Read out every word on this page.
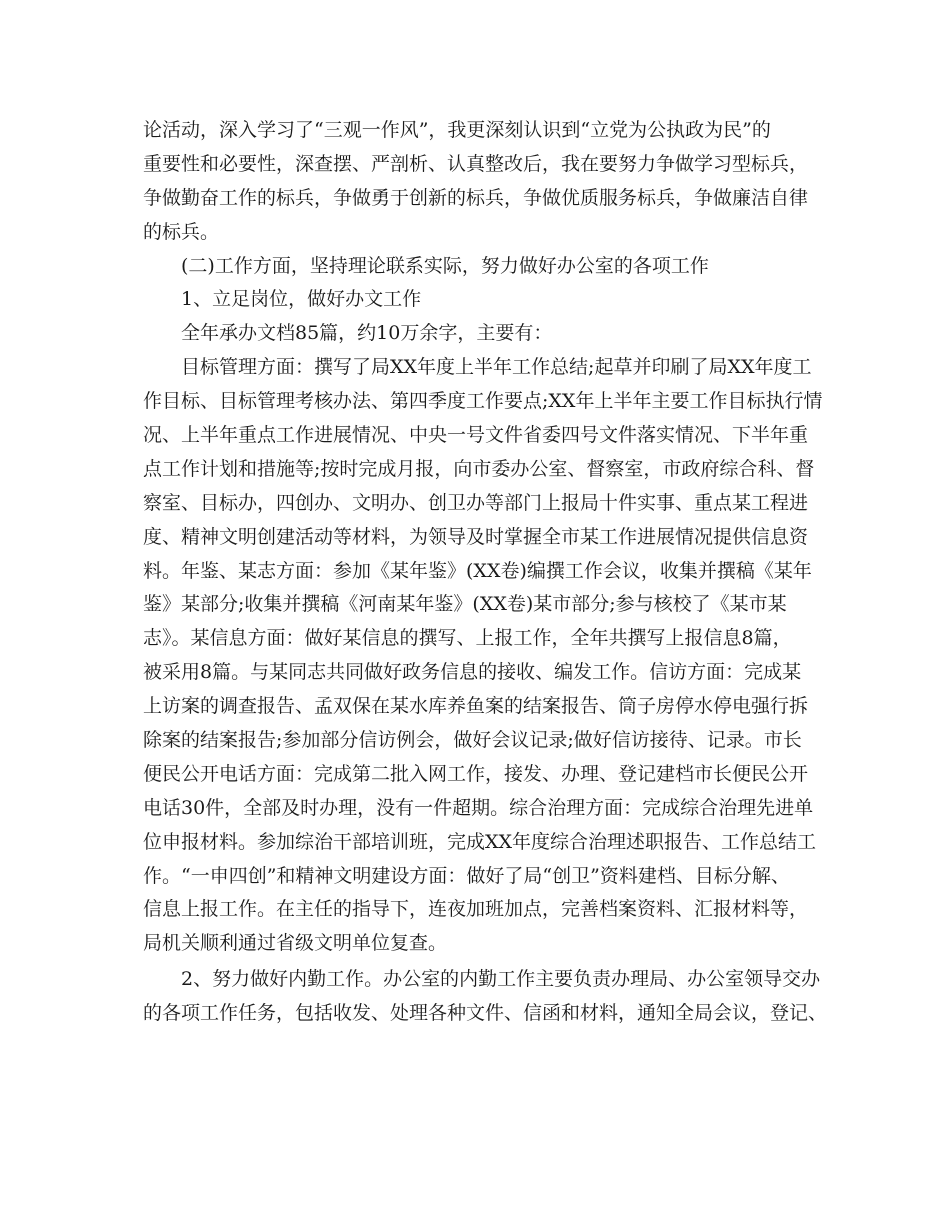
论活动，深入学习了“三观一作风”，我更深刻认识到“立党为公执政为民”的
重要性和必要性，深查摆、严剖析、认真整改后，我在要努力争做学习型标兵，
争做勤奋工作的标兵，争做勇于创新的标兵，争做优质服务标兵，争做廉洁自律
的标兵。
(二)工作方面，坚持理论联系实际，努力做好办公室的各项工作
1、立足岗位，做好办文工作
全年承办文档85篇，约10万余字，主要有：
目标管理方面：撰写了局XX年度上半年工作总结;起草并印刷了局XX年度工
作目标、目标管理考核办法、第四季度工作要点;XX年上半年主要工作目标执行情
况、上半年重点工作进展情况、中央一号文件省委四号文件落实情况、下半年重
点工作计划和措施等;按时完成月报，向市委办公室、督察室，市政府综合科、督
察室、目标办，四创办、文明办、创卫办等部门上报局十件实事、重点某工程进
度、精神文明创建活动等材料，为领导及时掌握全市某工作进展情况提供信息资
料。年鉴、某志方面：参加《某年鉴》(XX卷)编撰工作会议，收集并撰稿《某年
鉴》某部分;收集并撰稿《河南某年鉴》(XX卷)某市部分;参与核校了《某市某
志》。某信息方面：做好某信息的撰写、上报工作，全年共撰写上报信息8篇，
被采用8篇。与某同志共同做好政务信息的接收、编发工作。信访方面：完成某
上访案的调查报告、孟双保在某水库养鱼案的结案报告、筒子房停水停电强行拆
除案的结案报告;参加部分信访例会，做好会议记录;做好信访接待、记录。市长
便民公开电话方面：完成第二批入网工作，接发、办理、登记建档市长便民公开
电话30件，全部及时办理，没有一件超期。综合治理方面：完成综合治理先进单
位申报材料。参加综治干部培训班，完成XX年度综合治理述职报告、工作总结工
作。“一申四创”和精神文明建设方面：做好了局“创卫”资料建档、目标分解、
信息上报工作。在主任的指导下，连夜加班加点，完善档案资料、汇报材料等，
局机关顺利通过省级文明单位复查。
2、努力做好内勤工作。办公室的内勤工作主要负责办理局、办公室领导交办
的各项工作任务，包括收发、处理各种文件、信函和材料，通知全局会议，登记、
